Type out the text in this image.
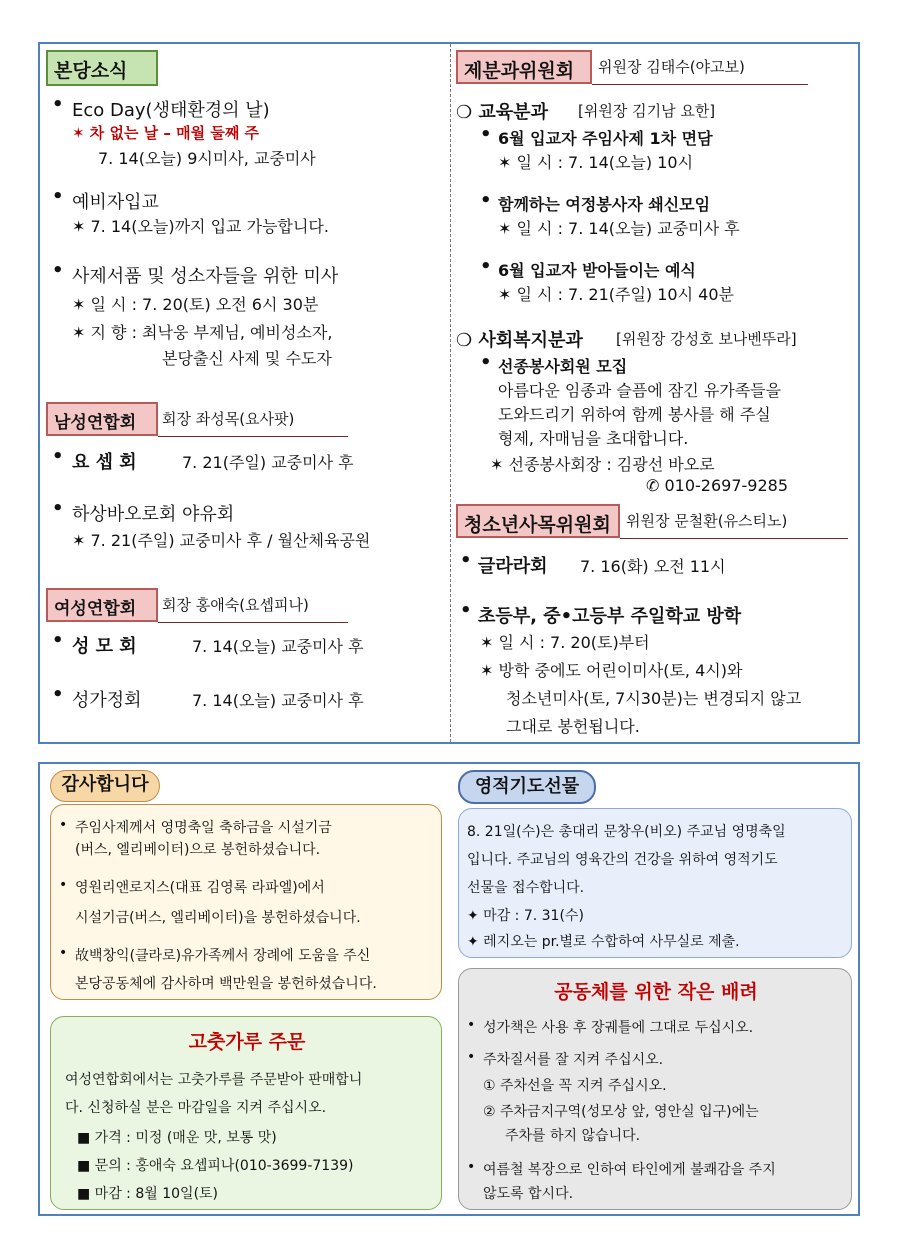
본당소식
• Eco Day(생태환경의 날)
✶ 차 없는 날 – 매월 둘째 주
7. 14(오늘) 9시미사, 교중미사
• 예비자입교
✶ 7. 14(오늘)까지 입교 가능합니다.
• 사제서품 및 성소자들을 위한 미사
✶ 일 시 : 7. 20(토) 오전 6시 30분
✶ 지 향 : 최낙웅 부제님, 예비성소자,
본당출신 사제 및 수도자
남성연합회	회장 좌성목(요사팟)
• 요 셉 회	7. 21(주일) 교중미사 후
• 하상바오로회 야유회
✶ 7. 21(주일) 교중미사 후 / 월산체육공원
여성연합회	회장 홍애숙(요셉피나)
• 성 모 회	7. 14(오늘) 교중미사 후
• 성가정회	7. 14(오늘) 교중미사 후
제분과위원회	위원장 김태수(야고보)
❍ 교육분과 [위원장 김기남 요한]
• 6월 입교자 주임사제 1차 면담
✶ 일 시 : 7. 14(오늘) 10시
• 함께하는 여정봉사자 쇄신모임
✶ 일 시 : 7. 14(오늘) 교중미사 후
• 6월 입교자 받아들이는 예식
✶ 일 시 : 7. 21(주일) 10시 40분
❍ 사회복지분과 [위원장 강성호 보나벤뚜라]
• 선종봉사회원 모집
아름다운 임종과 슬픔에 잠긴 유가족들을
도와드리기 위하여 함께 봉사를 해 주실
형제, 자매님을 초대합니다.
✶ 선종봉사회장 : 김광선 바오로
✆ 010-2697-9285
청소년사목위원회	위원장 문철환(유스티노)
• 글라라회 7. 16(화) 오전 11시
• 초등부, 중•고등부 주일학교 방학
✶ 일 시 : 7. 20(토)부터
✶ 방학 중에도 어린이미사(토, 4시)와
청소년미사(토, 7시30분)는 변경되지 않고
그대로 봉헌됩니다.
감사합니다
• 주임사제께서 영명축일 축하금을 시설기금
(버스, 엘리베이터)으로 봉헌하셨습니다.
• 영원리앤로지스(대표 김영록 라파엘)에서
시설기금(버스, 엘리베이터)을 봉헌하셨습니다.
• 故백창익(클라로)유가족께서 장례에 도움을 주신
본당공동체에 감사하며 백만원을 봉헌하셨습니다.
고춧가루 주문
여성연합회에서는 고춧가루를 주문받아 판매합니
다. 신청하실 분은 마감일을 지켜 주십시오.
■ 가격 : 미정 (매운 맛, 보통 맛)
■ 문의 : 홍애숙 요셉피나(010-3699-7139)
■ 마감 : 8월 10일(토)
영적기도선물
8. 21일(수)은 총대리 문창우(비오) 주교님 영명축일
입니다. 주교님의 영육간의 건강을 위하여 영적기도
선물을 접수합니다.
✦ 마감 : 7. 31(수)
✦ 레지오는 pr.별로 수합하여 사무실로 제출.
공동체를 위한 작은 배려
• 성가책은 사용 후 장궤틀에 그대로 두십시오.
• 주차질서를 잘 지켜 주십시오.
① 주차선을 꼭 지켜 주십시오.
② 주차금지구역(성모상 앞, 영안실 입구)에는
주차를 하지 않습니다.
• 여름철 복장으로 인하여 타인에게 불쾌감을 주지
않도록 합시다.
